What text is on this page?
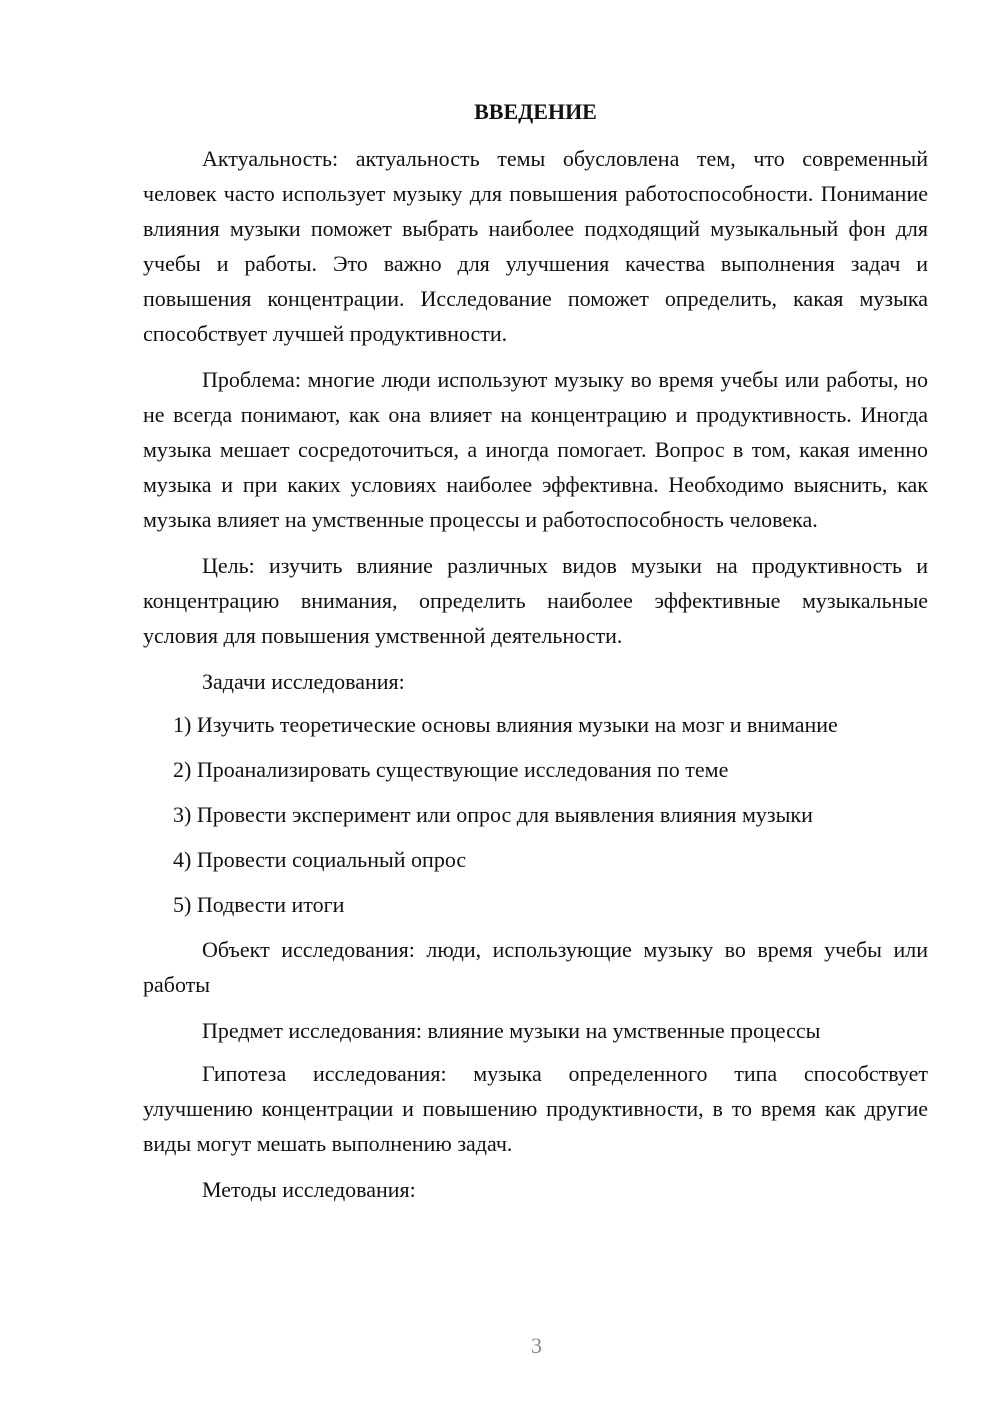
ВВЕДЕНИЕ

Актуальность: актуальность темы обусловлена тем, что современный человек часто использует музыку для повышения работоспособности. Понимание влияния музыки поможет выбрать наиболее подходящий музыкальный фон для учебы и работы. Это важно для улучшения качества выполнения задач и повышения концентрации. Исследование поможет определить, какая музыка способствует лучшей продуктивности.

Проблема: многие люди используют музыку во время учебы или работы, но не всегда понимают, как она влияет на концентрацию и продуктивность. Иногда музыка мешает сосредоточиться, а иногда помогает. Вопрос в том, какая именно музыка и при каких условиях наиболее эффективна. Необходимо выяснить, как музыка влияет на умственные процессы и работоспособность человека.

Цель: изучить влияние различных видов музыки на продуктивность и концентрацию внимания, определить наиболее эффективные музыкальные условия для повышения умственной деятельности.

Задачи исследования:

1) Изучить теоретические основы влияния музыки на мозг и внимание
2) Проанализировать существующие исследования по теме
3) Провести эксперимент или опрос для выявления влияния музыки
4) Провести социальный опрос
5) Подвести итоги

Объект исследования: люди, использующие музыку во время учебы или работы

Предмет исследования: влияние музыки на умственные процессы

Гипотеза исследования: музыка определенного типа способствует улучшению концентрации и повышению продуктивности, в то время как другие виды могут мешать выполнению задач.

Методы исследования:

3
